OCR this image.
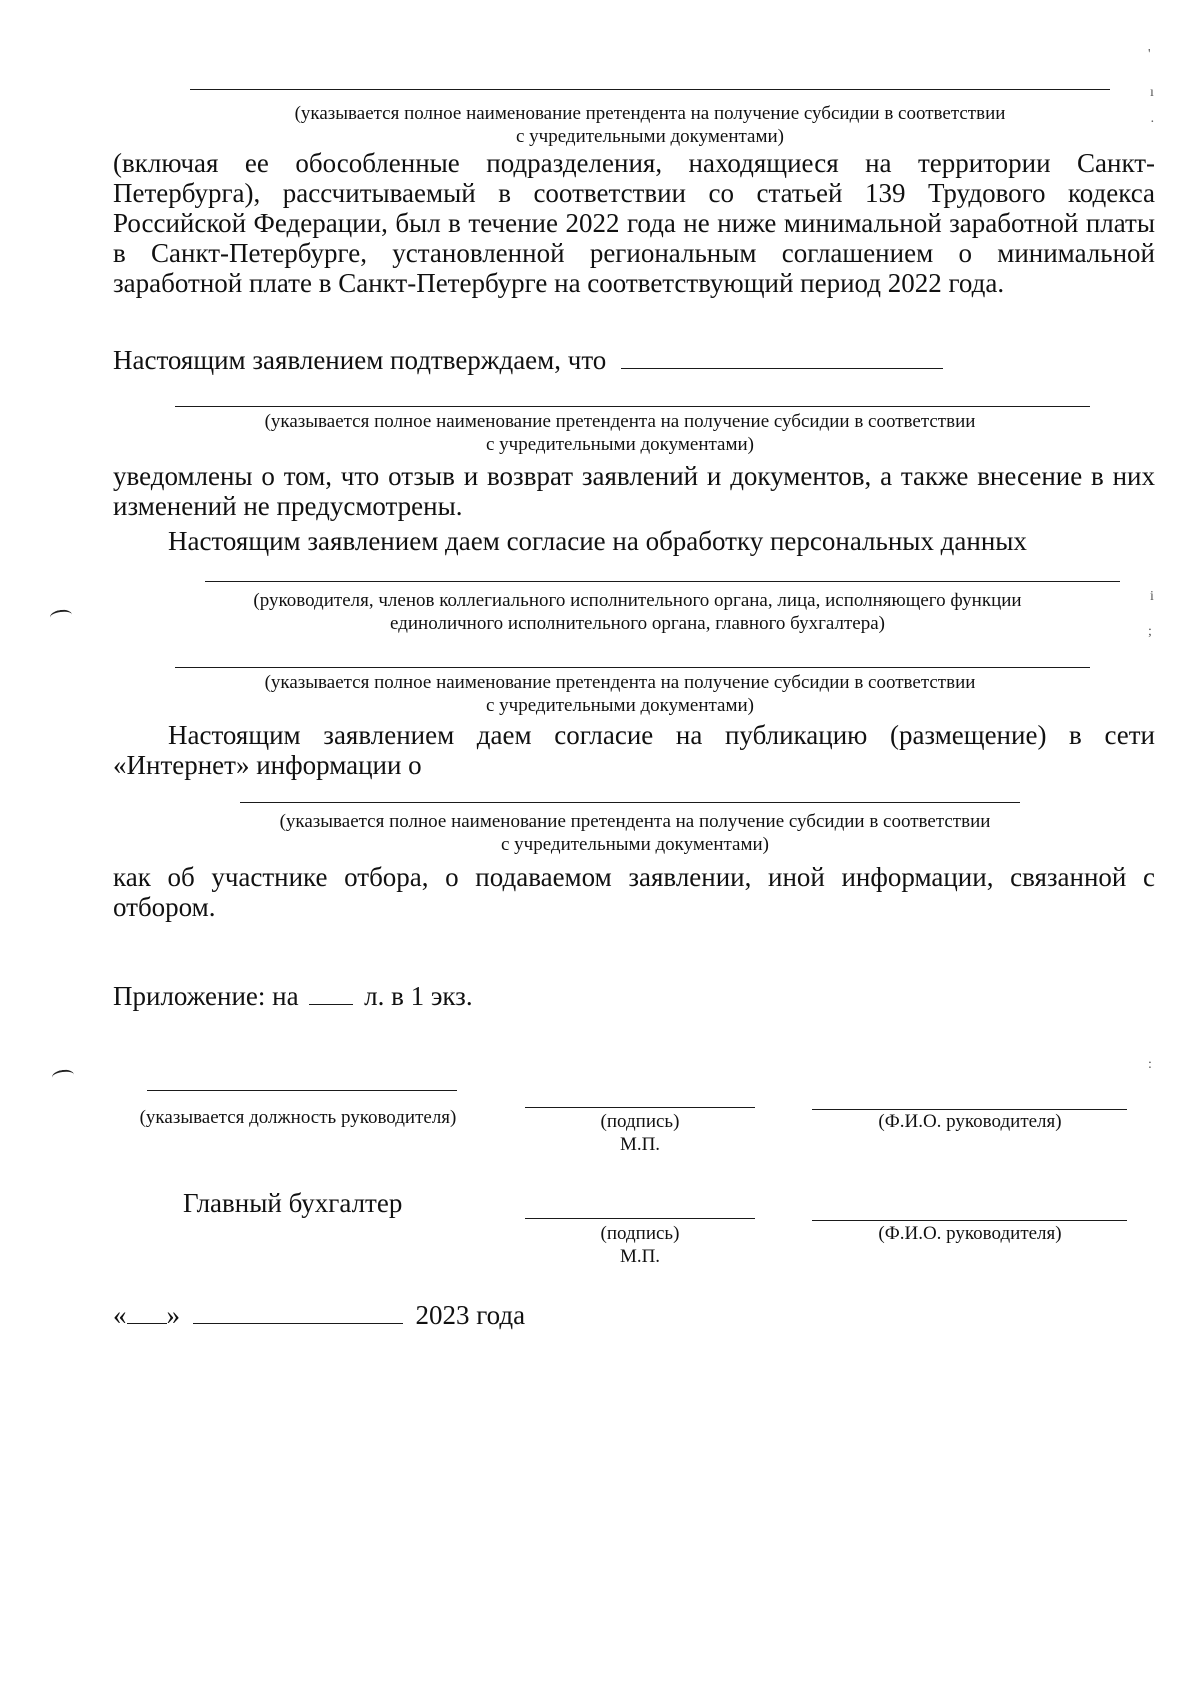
'
ı
·
(указывается полное наименование претендента на получение субсидии в соответствии
с учредительными документами)

(включая ее обособленные подразделения, находящиеся на территории Санкт-Петербурга), рассчитываемый в соответствии со статьей 139 Трудового кодекса Российской Федерации, был в течение 2022 года не ниже минимальной заработной платы в Санкт-Петербурге, установленной региональным соглашением о минимальной заработной плате в Санкт-Петербурге на соответствующий период 2022 года.

Настоящим заявлением подтверждаем, что
(указывается полное наименование претендента на получение субсидии в соответствии
с учредительными документами)

уведомлены о том, что отзыв и возврат заявлений и документов, а также внесение в них изменений не предусмотрены.

Настоящим заявлением даем согласие на обработку персональных данных

(руководителя, членов коллегиального исполнительного органа, лица, исполняющего функции
единоличного исполнительного органа, главного бухгалтера)
(указывается полное наименование претендента на получение субсидии в соответствии
с учредительными документами)

Настоящим заявлением даем согласие на публикацию (размещение) в сети «Интернет» информации о

(указывается полное наименование претендента на получение субсидии в соответствии
с учредительными документами)

как об участнике отбора, о подаваемом заявлении, иной информации, связанной с отбором.

Приложение: на л. в 1 экз.
i
;
:
(указывается должность руководителя)	(подпись)
М.П.
(Ф.И.О. руководителя)

Главный бухгалтер

(подпись)
М.П.
(Ф.И.О. руководителя)
« »	2023 года
